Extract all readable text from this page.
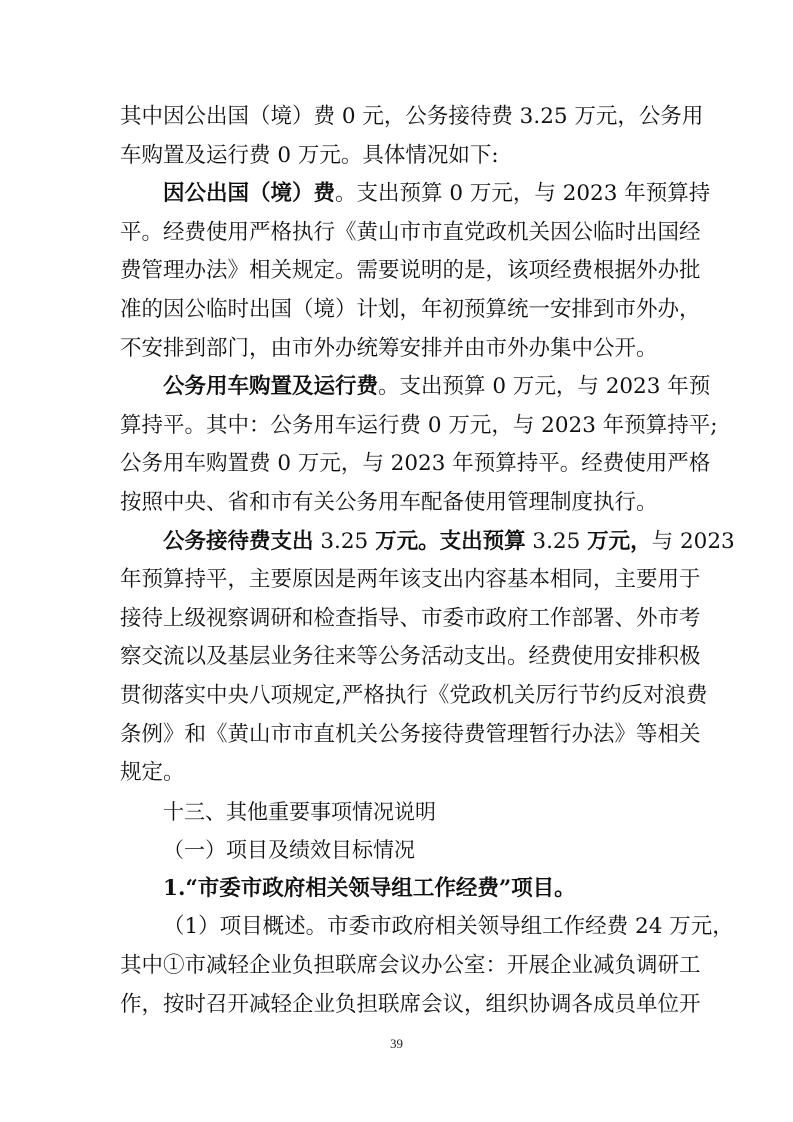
其中因公出国（境）费 0 元，公务接待费 3.25 万元，公务用
车购置及运行费 0 万元。具体情况如下:
因公出国（境）费。支出预算 0 万元，与 2023 年预算持
平。经费使用严格执行《黄山市市直党政机关因公临时出国经
费管理办法》相关规定。需要说明的是，该项经费根据外办批
准的因公临时出国（境）计划，年初预算统一安排到市外办，
不安排到部门，由市外办统筹安排并由市外办集中公开。
公务用车购置及运行费。支出预算 0 万元，与 2023 年预
算持平。其中：公务用车运行费 0 万元，与 2023 年预算持平;
公务用车购置费 0 万元，与 2023 年预算持平。经费使用严格
按照中央、省和市有关公务用车配备使用管理制度执行。
公务接待费支出 3.25 万元。支出预算 3.25 万元，与 2023
年预算持平，主要原因是两年该支出内容基本相同，主要用于
接待上级视察调研和检查指导、市委市政府工作部署、外市考
察交流以及基层业务往来等公务活动支出。经费使用安排积极
贯彻落实中央八项规定,严格执行《党政机关厉行节约反对浪费
条例》和《黄山市市直机关公务接待费管理暂行办法》等相关
规定。
十三、其他重要事项情况说明
（一）项目及绩效目标情况
1.“市委市政府相关领导组工作经费”项目。
（1）项目概述。市委市政府相关领导组工作经费 24 万元，
其中①市减轻企业负担联席会议办公室：开展企业减负调研工
作，按时召开减轻企业负担联席会议，组织协调各成员单位开
39
